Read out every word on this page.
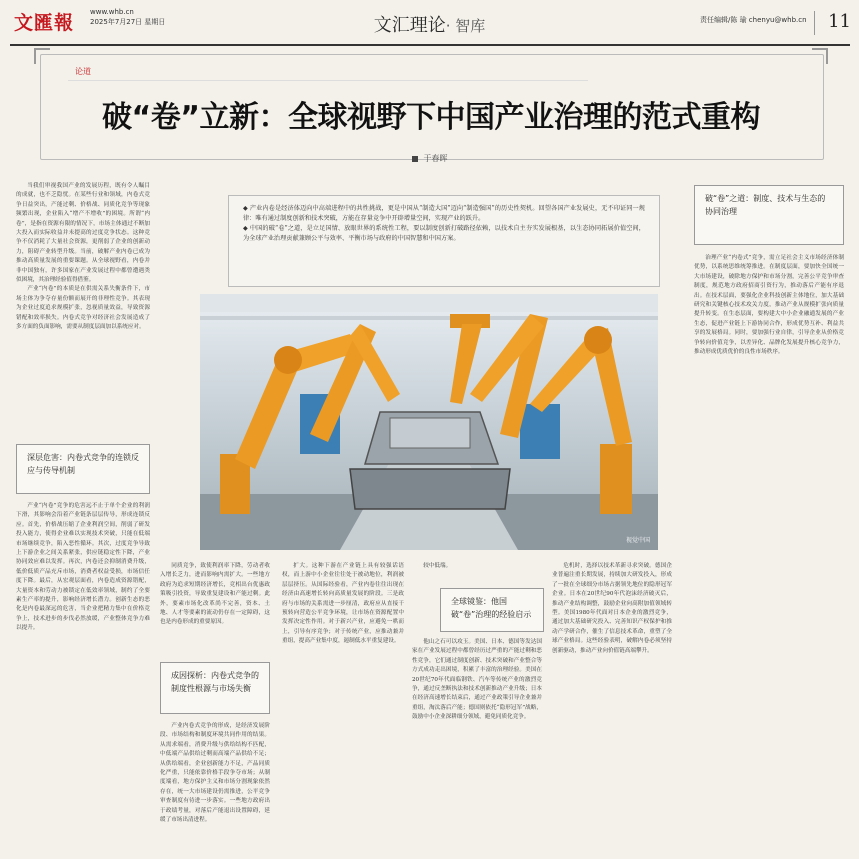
文匯報 www.whb.cn
2025年7月27日 星期日	文汇理论· 智库	责任编辑/陈 瑜 chenyu@whb.cn	11
论道
破“卷”立新：全球视野下中国产业治理的范式重构
于春晖

当我们审视我国产业的发展历程，既有令人瞩目的成就，也不乏隐忧。在某些行业和领域，内卷式竞争日益突出，产能过剩、价格战、同质化竞争等现象频繁出现，企业陷入“增产不增收”的困境。所谓“内卷”，是指在资源有限的情况下，市场主体通过不断加大投入而实际收益并未提高的过度竞争状态。这种竞争不仅消耗了大量社会资源，更削弱了企业的创新动力，阻碍产业转型升级。当前，破解产业内卷已成为推动高质量发展的重要课题。从全球视野看，内卷并非中国独有，许多国家在产业发展过程中都曾遭遇类似困境，其治理经验值得借鉴。

产业“内卷”的本质是在供需关系失衡条件下，市场主体为争夺存量份额而展开的非理性竞争。其表现为企业过度追求规模扩张，忽视质量效益，导致资源错配和效率损失。内卷式竞争对经济社会发展造成了多方面的负面影响，需要从制度层面加以系统应对。

深层危害：内卷式竞争的连锁反应与传导机制

产业“内卷”竞争的危害远不止于单个企业的利润下滑，其影响会沿着产业链条层层传导，形成连锁反应。首先，价格战压缩了企业利润空间，削弱了研发投入能力，使得企业难以实现技术突破，只能在低端市场继续竞争，陷入恶性循环。其次，过度竞争导致上下游企业之间关系紧张，供应链稳定性下降，产业协同效应难以发挥。再次，内卷还会抑制消费升级，低价低质产品充斥市场，消费者权益受损，市场信任度下降。最后，从宏观层面看，内卷造成资源错配，大量资本和劳动力被锁定在低效率领域，制约了全要素生产率的提升，影响经济增长潜力。创新生态的恶化是内卷最深远的危害，当企业把精力集中在价格竞争上，技术进步的步伐必然放缓，产业整体竞争力难以提升。

◆ 产业内卷是经济体迈向中高端进程中的共性挑战，更是中国从“制造大国”迈向“制造强国”的历史性契机。回望各国产业发展史，无不印证同一规律：唯有通过制度创新和技术突破，方能在存量竞争中开辟增量空间，实现产业的跃升。
◆ 中国的破“卷”之道，是立足国情、放眼世界的系统性工程，要以制度创新打破路径依赖，以技术自主夯实发展根基，以生态协同拓展价值空间，为全球产业治理贡献兼顾公平与效率、平衡市场与政府的中国智慧和中国方案。
视觉中国

同质竞争，致使利润率下降，劳动者收入增长乏力，进而影响内需扩大。一些地方政府为追求短期经济增长，竞相出台优惠政策吸引投资，导致重复建设和产能过剩。此外，要素市场化改革尚不完善，资本、土地、人才等要素的流动仍存在一定障碍，这也是内卷形成的重要原因。

成因探析：内卷式竞争的制度性根源与市场失衡

产业内卷式竞争的形成，是经济发展阶段、市场结构和制度环境共同作用的结果。从需求端看，消费升级与供给结构不匹配，中低端产品供给过剩而高端产品供给不足；从供给端看，企业创新能力不足，产品同质化严重，只能依靠价格手段争夺市场；从制度端看，地方保护主义和市场分割现象依然存在，统一大市场建设仍需推进，公平竞争审查制度有待进一步落实。一些地方政府出于政绩考量，对落后产能退出设置障碍，延缓了市场出清进程。

扩大。这种下游在产业链上具有较强话语权，而上游中小企业往往处于被动地位，利润被层层挤压。从国际经验看，产业内卷往往出现在经济由高速增长转向高质量发展的阶段。三是政府与市场的关系需进一步厘清，政府应从直接干预转向营造公平竞争环境，让市场在资源配置中发挥决定性作用。对于新兴产业，应避免一哄而上，引导有序竞争；对于传统产业，应推动兼并重组，提高产业集中度，遏制低水平重复建设。

较中低端。

全球镜鉴：他国破“卷”治理的经验启示

他山之石可以攻玉。美国、日本、德国等发达国家在产业发展过程中都曾经历过严重的产能过剩和恶性竞争，它们通过制度创新、技术突破和产业整合等方式成功走出困境，积累了丰富的治理经验。美国在20世纪70年代面临钢铁、汽车等传统产业的激烈竞争，通过反垄断执法和技术创新推动产业升级；日本在经济高速增长结束后，通过产业政策引导企业兼并重组，淘汰落后产能；德国则依托“隐形冠军”战略，鼓励中小企业深耕细分领域，避免同质化竞争。

危机时，选择以技术革新寻求突破。德国企业普遍注重长期发展，持续加大研发投入，形成了一批在全球细分市场占据领先地位的隐形冠军企业。日本在20世纪90年代泡沫经济破灭后，推动产业结构调整，鼓励企业向高附加值领域转型。美国1980年代面对日本企业的激烈竞争，通过加大基础研究投入、完善知识产权保护和推动产学研合作，催生了信息技术革命，重塑了全球产业格局。这些经验表明，破解内卷必须坚持创新驱动，推动产业向价值链高端攀升。

破“卷”之道：制度、技术与生态的协同治理

治理产业“内卷式”竞争，需立足社会主义市场经济体制优势，以系统思维统筹推进。在制度层面，要加快全国统一大市场建设，破除地方保护和市场分割，完善公平竞争审查制度，规范地方政府招商引资行为，推动落后产能有序退出。在技术层面，要强化企业科技创新主体地位，加大基础研究和关键核心技术攻关力度，推动产业从规模扩张向质量提升转变。在生态层面，要构建大中小企业融通发展的产业生态，促进产业链上下游协同合作，形成优势互补、利益共享的发展格局。同时，要加强行业自律，引导企业从价格竞争转向价值竞争，以差异化、品牌化发展提升核心竞争力，推动形成优质优价的良性市场秩序。
